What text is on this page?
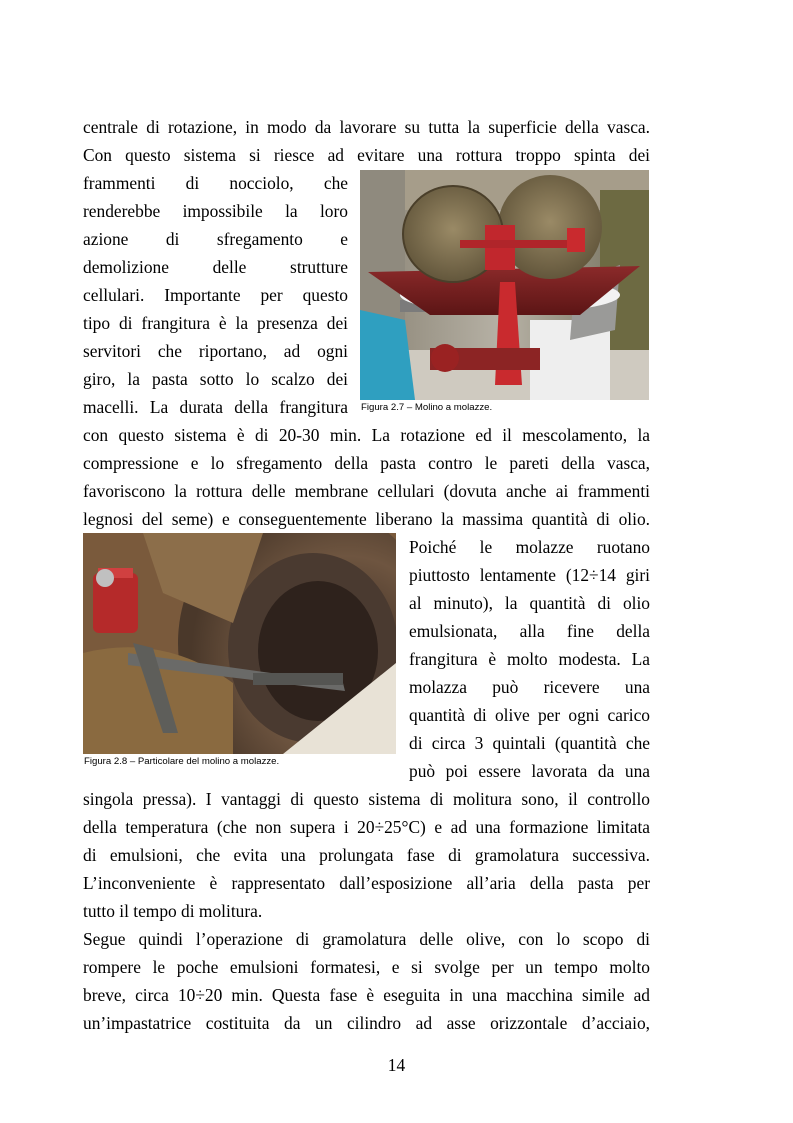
centrale di rotazione, in modo da lavorare su tutta la superficie della vasca.
Con questo sistema si riesce ad evitare una rottura troppo spinta dei
frammenti di nocciolo, che
renderebbe impossibile la loro
azione di sfregamento e
demolizione delle strutture
cellulari. Importante per questo
tipo di frangitura è la presenza dei
servitori che riportano, ad ogni
giro, la pasta sotto lo scalzo dei
macelli. La durata della frangitura Figura 2.7 – Molino a molazze.
con questo sistema è di 20-30 min. La rotazione ed il mescolamento, la
compressione e lo sfregamento della pasta contro le pareti della vasca,
favoriscono la rottura delle membrane cellulari (dovuta anche ai frammenti
legnosi del seme) e conseguentemente liberano la massima quantità di olio.
Figura 2.8 – Particolare del molino a molazze.
Poiché le molazze ruotano
piuttosto lentamente (12÷14 giri
al minuto), la quantità di olio
emulsionata, alla fine della
frangitura è molto modesta. La
molazza può ricevere una
quantità di olive per ogni carico
di circa 3 quintali (quantità che
può poi essere lavorata da una
singola pressa). I vantaggi di questo sistema di molitura sono, il controllo
della temperatura (che non supera i 20÷25°C) e ad una formazione limitata
di emulsioni, che evita una prolungata fase di gramolatura successiva.
L’inconveniente è rappresentato dall’esposizione all’aria della pasta per
tutto il tempo di molitura.
Segue quindi l’operazione di gramolatura delle olive, con lo scopo di
rompere le poche emulsioni formatesi, e si svolge per un tempo molto
breve, circa 10÷20 min. Questa fase è eseguita in una macchina simile ad
un’impastatrice costituita da un cilindro ad asse orizzontale d’acciaio,
14
